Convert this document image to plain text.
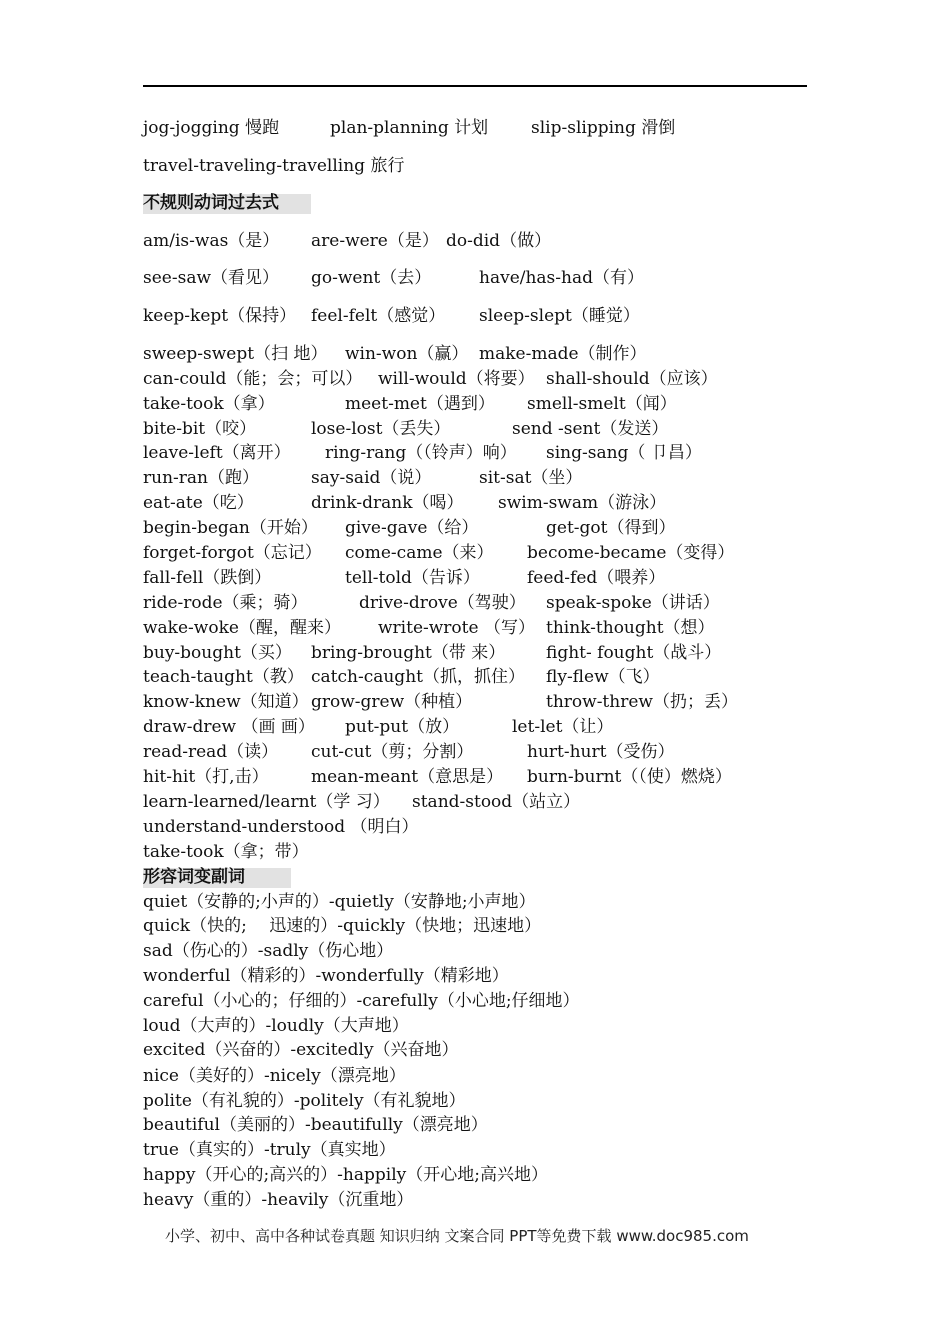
jog-jogging 慢跑	plan-planning 计划	slip-slipping 滑倒
travel-traveling-travelling 旅行
不规则动词过去式
am/is-was（是） are-were（是） do-did（做）
see-saw（看见） go-went（去）	have/has-had（有）
keep-kept（保持） feel-felt（感觉） sleep-slept（睡觉）
sweep-swept（扫 地） win-won（赢） make-made（制作）
can-could（能；会；可以） will-would（将要） shall-should（应该）
take-took（拿）	meet-met（遇到） smell-smelt（闻）
bite-bit（咬）	lose-lost（丢失）	send -sent（发送）
leave-left（离开） ring-rang（（铃声）响） sing-sang（ 卩昌）
run-ran（跑）	say-said（说）	sit-sat（坐）
eat-ate（吃）	drink-drank（喝） swim-swam（游泳）
begin-began（开始） give-gave（给）	get-got（得到）
forget-forgot（忘记） come-came（来） become-became（变得）
fall-fell（跌倒）	tell-told（告诉）	feed-fed（喂养）
ride-rode（乘；骑）	drive-drove（驾驶） speak-spoke（讲话）
wake-woke（醒，醒来） write-wrote （写） think-thought（想）
buy-bought（买） bring-brought（带 来） fight- fought（战斗）
teach-taught（教） catch-caught（抓，抓住） fly-flew（飞）
know-knew（知道） grow-grew（种植）	throw-threw（扔；丢）
draw-drew （画 画） put-put（放）	let-let（让）
read-read（读） cut-cut（剪；分割）	hurt-hurt（受伤）
hit-hit（打,击） mean-meant（意思是） burn-burnt（（使）燃烧）
learn-learned/learnt（学 习） stand-stood（站立）
understand-understood （明白）
take-took（拿；带）
形容词变副词
quiet（安静的;小声的）-quietly（安静地;小声地）
quick（快的;　 迅速的）-quickly（快地；迅速地）
sad（伤心的）-sadly（伤心地）
wonderful（精彩的）-wonderfully（精彩地）
careful（小心的；仔细的）-carefully（小心地;仔细地）
loud（大声的）-loudly（大声地）
excited（兴奋的）-excitedly（兴奋地）
nice（美好的）-nicely（漂亮地）
polite（有礼貌的）-politely（有礼貌地）
beautiful（美丽的）-beautifully（漂亮地）
true（真实的）-truly（真实地）
happy（开心的;高兴的）-happily（开心地;高兴地）
heavy（重的）-heavily（沉重地）
小学、初中、高中各种试卷真题 知识归纳 文案合同 PPT等免费下载 www.doc985.com
